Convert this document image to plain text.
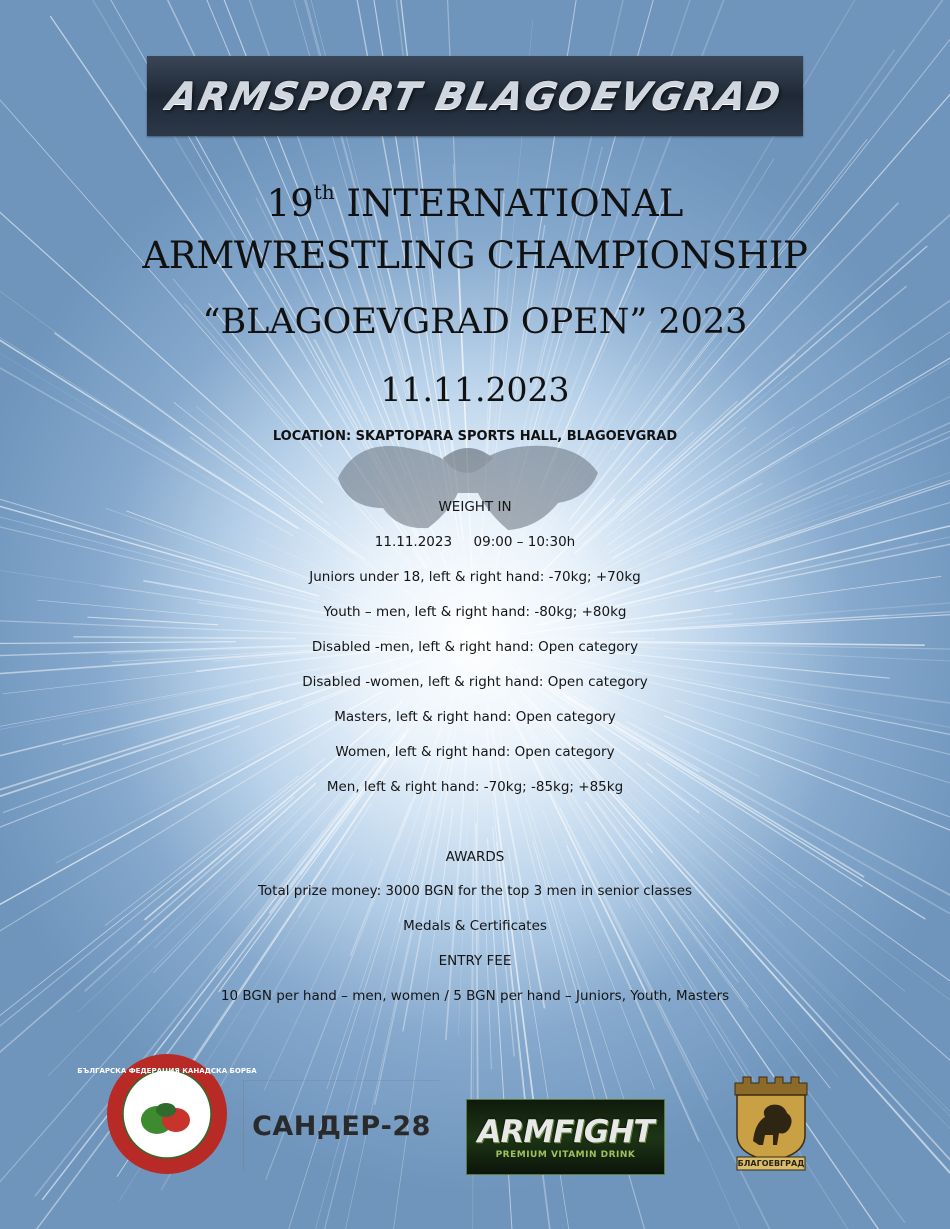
ARMSPORT BLAGOEVGRAD
19th INTERNATIONAL
ARMWRESTLING CHAMPIONSHIP
“BLAGOEVGRAD OPEN” 2023
11.11.2023
LOCATION: SKAPTOPARA SPORTS HALL, BLAGOEVGRAD
WEIGHT IN
11.11.2023     09:00 – 10:30h
Juniors under 18, left & right hand: -70kg; +70kg
Youth – men, left & right hand: -80kg; +80kg
Disabled -men, left & right hand: Open category
Disabled -women, left & right hand: Open category
Masters, left & right hand: Open category
Women, left & right hand: Open category
Men, left & right hand: -70kg; -85kg; +85kg
AWARDS
Total prize money: 3000 BGN for the top 3 men in senior classes
Medals & Certificates
ENTRY FEE
10 BGN per hand – men, women / 5 BGN per hand – Juniors, Youth, Masters
БЪЛГАРСКА ФЕДЕРАЦИЯ КАНАДСКА БОРБА
САНДЕР-28	ARMFIGHT
PREMIUM VITAMIN DRINK
БЛАГОЕВГРАД
